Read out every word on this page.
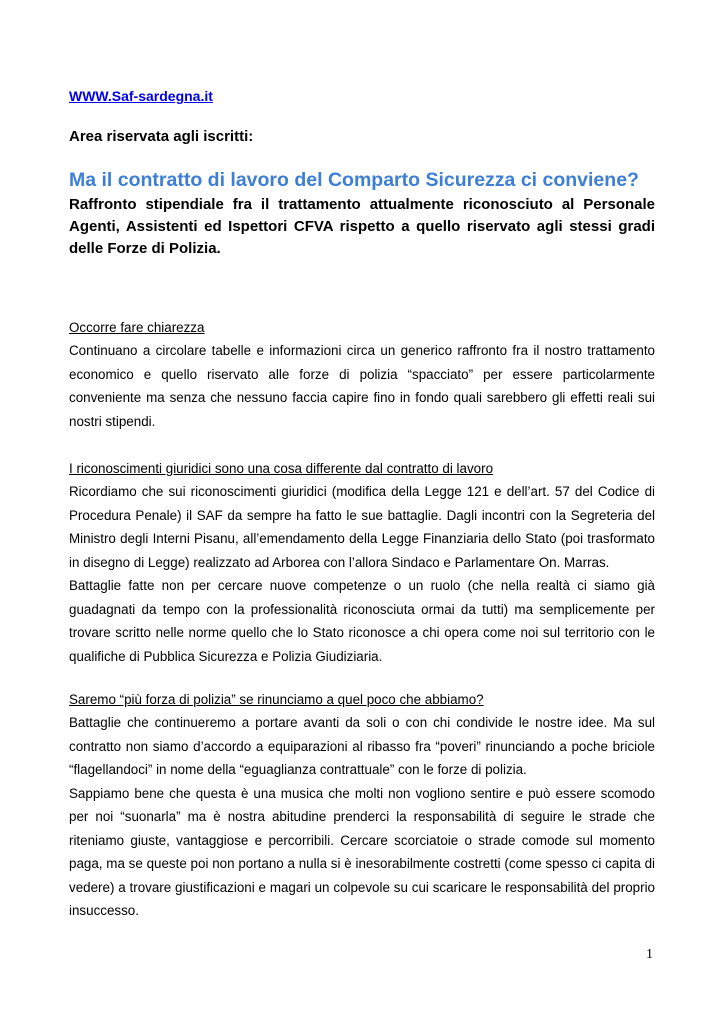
WWW.Saf-sardegna.it
Area riservata agli iscritti:
Ma il contratto di lavoro del Comparto Sicurezza ci conviene?
Raffronto stipendiale fra il trattamento attualmente riconosciuto al Personale Agenti, Assistenti ed Ispettori CFVA rispetto a quello riservato agli stessi gradi delle Forze di Polizia.
Occorre fare chiarezza

Continuano a circolare tabelle e informazioni circa un generico raffronto fra il nostro trattamento economico e quello riservato alle forze di polizia “spacciato” per essere particolarmente conveniente ma senza che nessuno faccia capire fino in fondo quali sarebbero gli effetti reali sui nostri stipendi.

I riconoscimenti giuridici sono una cosa differente dal contratto di lavoro

Ricordiamo che sui riconoscimenti giuridici (modifica della Legge 121 e dell’art. 57 del Codice di Procedura Penale) il SAF da sempre ha fatto le sue battaglie. Dagli incontri con la Segreteria del Ministro degli Interni Pisanu, all’emendamento della Legge Finanziaria dello Stato (poi trasformato in disegno di Legge) realizzato ad Arborea con l’allora Sindaco e Parlamentare On. Marras.

Battaglie fatte non per cercare nuove competenze o un ruolo (che nella realtà ci siamo già guadagnati da tempo con la professionalità riconosciuta ormai da tutti) ma semplicemente per trovare scritto nelle norme quello che lo Stato riconosce a chi opera come noi sul territorio con le qualifiche di Pubblica Sicurezza e Polizia Giudiziaria.

Saremo “più forza di polizia” se rinunciamo a quel poco che abbiamo?

Battaglie che continueremo a portare avanti da soli o con chi condivide le nostre idee. Ma sul contratto non siamo d’accordo a equiparazioni al ribasso fra “poveri” rinunciando a poche briciole “flagellandoci” in nome della “eguaglianza contrattuale” con le forze di polizia.

Sappiamo bene che questa è una musica che molti non vogliono sentire e può essere scomodo per noi “suonarla” ma è nostra abitudine prenderci la responsabilità di seguire le strade che riteniamo giuste, vantaggiose e percorribili. Cercare scorciatoie o strade comode sul momento paga, ma se queste poi non portano a nulla si è inesorabilmente costretti (come spesso ci capita di vedere) a trovare giustificazioni e magari un colpevole su cui scaricare le responsabilità del proprio insuccesso.

1
